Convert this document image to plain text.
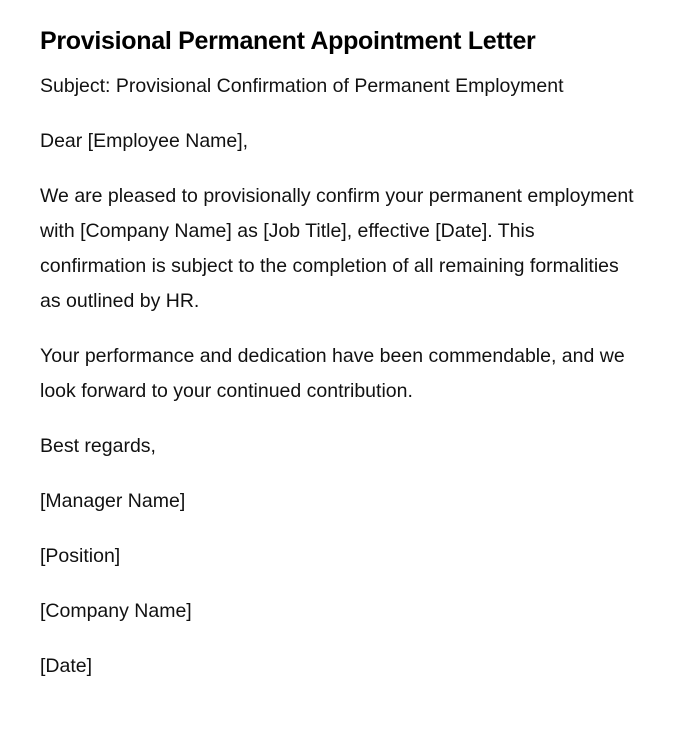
Provisional Permanent Appointment Letter

Subject: Provisional Confirmation of Permanent Employment

Dear [Employee Name],

We are pleased to provisionally confirm your permanent employment with [Company Name] as [Job Title], effective [Date]. This confirmation is subject to the completion of all remaining formalities as outlined by HR.

Your performance and dedication have been commendable, and we look forward to your continued contribution.

Best regards,

[Manager Name]

[Position]

[Company Name]

[Date]
